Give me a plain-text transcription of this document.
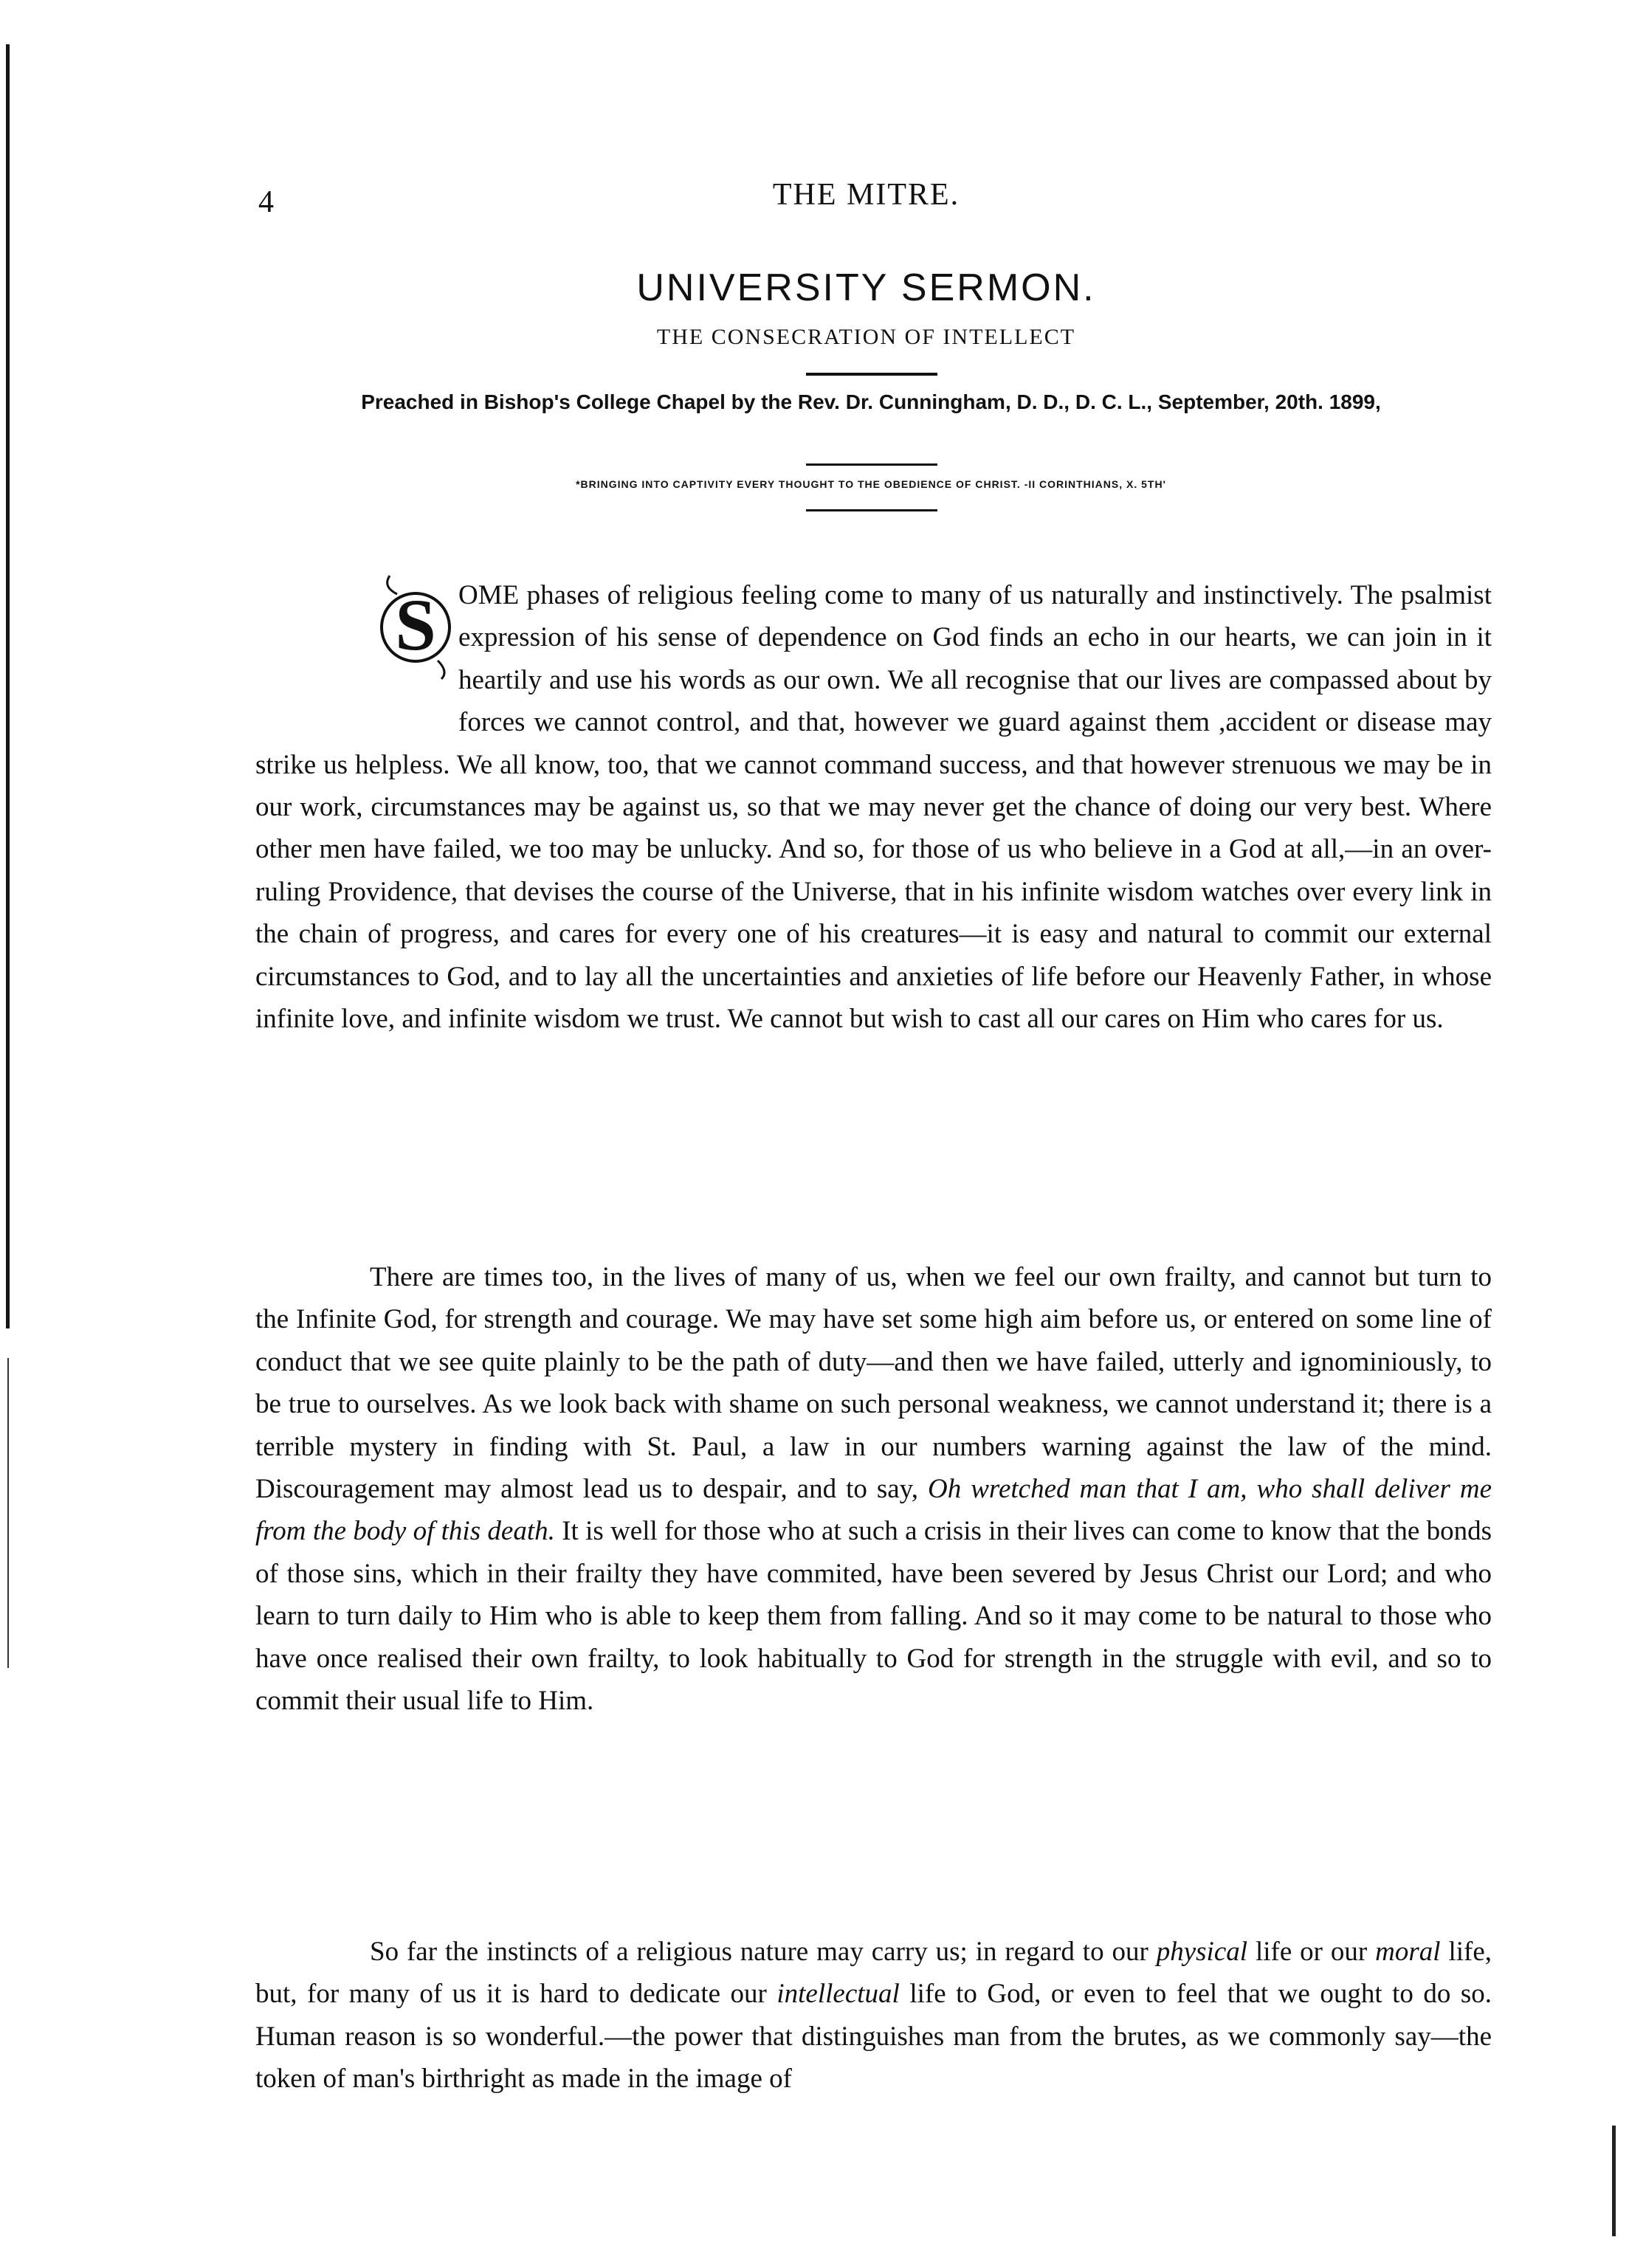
4	THE MITRE.
UNIVERSITY SERMON.
THE CONSECRATION OF INTELLECT
Preached in Bishop's College Chapel by the Rev. Dr. Cunningham, D. D., D. C. L., September, 20th. 1899,
*BRINGING INTO CAPTIVITY EVERY THOUGHT TO THE OBEDIENCE OF CHRIST. -II CORINTHIANS, X. 5TH'
S OME phases of religious feeling come to many of us naturally and instinctively. The psalmist expression of his sense of dependence on God finds an echo in our hearts, we can join in it heartily and use his words as our own. We all recognise that our lives are compassed about by forces we cannot control, and that, however we guard against them ,accident or disease may strike us helpless. We all know, too, that we cannot command success, and that however strenuous we may be in our work, circumstances may be against us, so that we may never get the chance of doing our very best. Where other men have failed, we too may be unlucky. And so, for those of us who believe in a God at all,—in an over-ruling Providence, that devises the course of the Universe, that in his infinite wisdom watches over every link in the chain of progress, and cares for every one of his creatures—it is easy and natural to commit our external circumstances to God, and to lay all the uncertainties and anxieties of life before our Heavenly Father, in whose infinite love, and infinite wisdom we trust. We cannot but wish to cast all our cares on Him who cares for us.

There are times too, in the lives of many of us, when we feel our own frailty, and cannot but turn to the Infinite God, for strength and courage. We may have set some high aim before us, or entered on some line of conduct that we see quite plainly to be the path of duty—and then we have failed, utterly and ignominiously, to be true to ourselves. As we look back with shame on such personal weakness, we cannot understand it; there is a terrible mystery in finding with St. Paul, a law in our numbers warning against the law of the mind. Discouragement may almost lead us to despair, and to say, Oh wretched man that I am, who shall deliver me from the body of this death. It is well for those who at such a crisis in their lives can come to know that the bonds of those sins, which in their frailty they have commited, have been severed by Jesus Christ our Lord; and who learn to turn daily to Him who is able to keep them from falling. And so it may come to be natural to those who have once realised their own frailty, to look habitually to God for strength in the struggle with evil, and so to commit their usual life to Him.

So far the instincts of a religious nature may carry us; in regard to our physical life or our moral life, but, for many of us it is hard to dedicate our intellectual life to God, or even to feel that we ought to do so. Human reason is so wonderful.—the power that distinguishes man from the brutes, as we commonly say—the token of man's birthright as made in the image of
